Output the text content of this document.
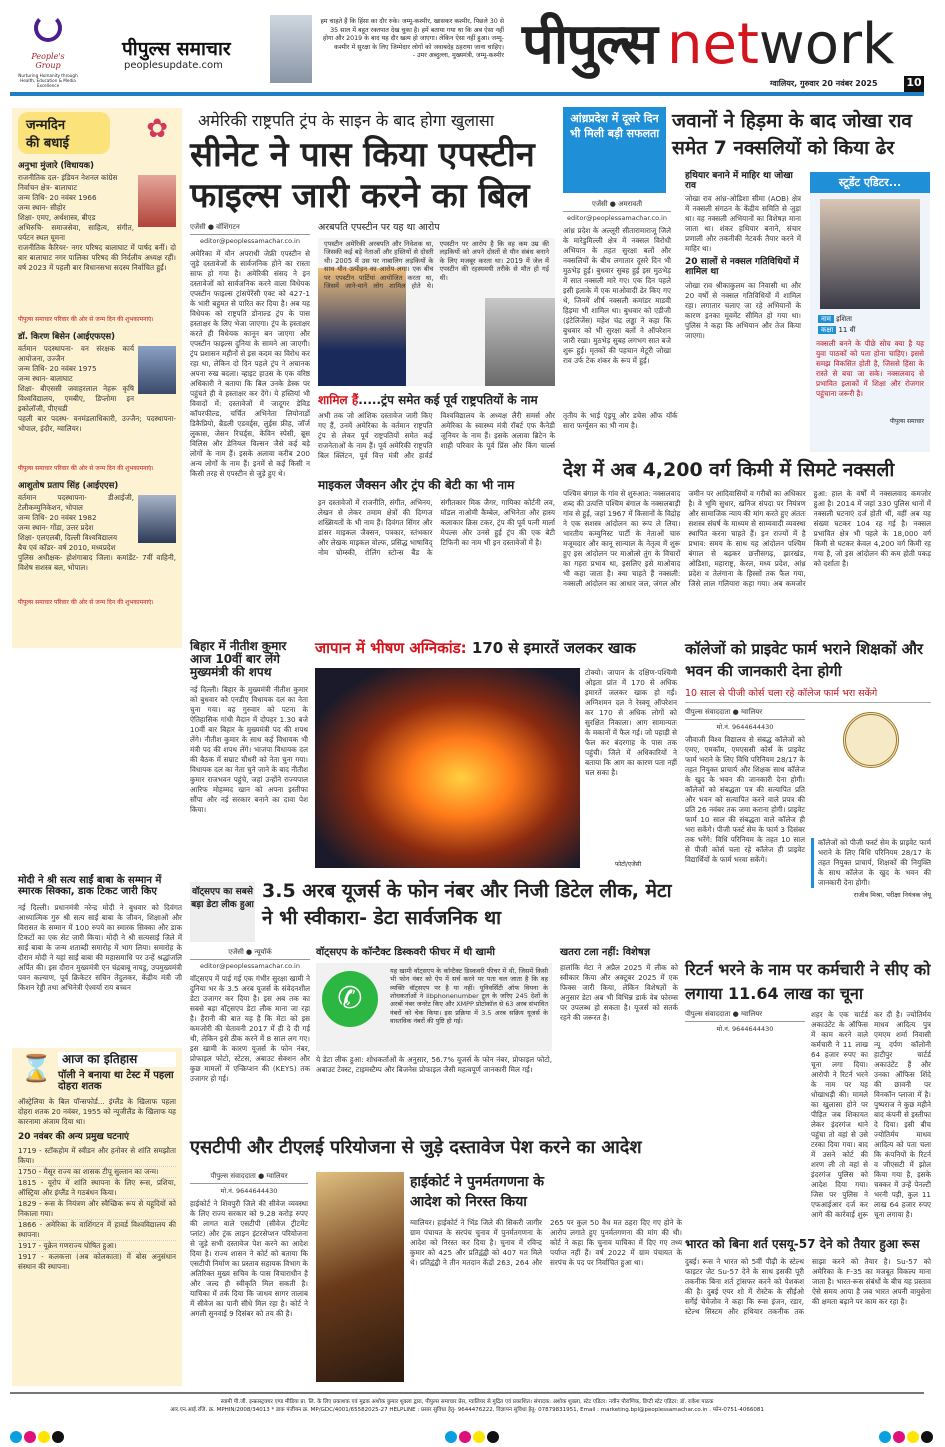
People's Group
Nurturing Humanity through Health, Education & Media Excellence
पीपुल्स समाचार
peoplesupdate.com
हम चाहते हैं कि हिंसा का दौर रुके। जम्मू-कश्मीर, खासकर कश्मीर, पिछले 30 से 35 साल में बहुत रक्तपात देख चुका है। हमें बताया गया था कि अब ऐसा नहीं होगा और 2019 के बाद यह दौर खत्म हो जाएगा। लेकिन ऐसा नहीं हुआ। जम्मू-कश्मीर में सुरक्षा के लिए जिम्मेदार लोगों को जवाबदेह ठहराया जाना चाहिए।
- उमर अब्दुल्ला, मुख्यमंत्री, जम्मू-कश्मीर पीपुल्स network
ग्वालियर, गुरुवार 20 नवंबर 2025	10
जन्मदिन
की बधाई	✿
अनुभा मुंजारे (विधायक)
राजनीतिक दल- इंडियन नेशनल कांग्रेस
निर्वाचन क्षेत्र- बालाघाट
जन्म तिथि- 20 नवंबर 1966
जन्म स्थान- सीहोर
शिक्षा- एमए, अर्थशास्त्र, बीएड
अभिरुचि- समाजसेवा, साहित्य, संगीत, पर्यटन स्थल घूमना
राजनीतिक कैरियर- नगर परिषद बालाघाट में पार्षद बनीं। दो बार बालाघाट नगर पालिका परिषद की निर्दलीय अध्यक्ष रहीं। वर्ष 2023 में पहली बार विधानसभा सदस्य निर्वाचित हुईं।
पीपुल्स समाचार परिवार की ओर से जन्म दिन की शुभकामनाएं।
डॉ. किरण बिसेन (आईएफएस)
वर्तमान पदस्थापना- वन संरक्षक कार्य आयोजना, उज्जैन
जन्म तिथि- 20 नवंबर 1975
जन्म स्थान- बालाघाट
शिक्षा- बीएससी जवाहरलाल नेहरू कृषि विश्वविद्यालय, एमबीए, डिप्लोमा इन इकोलॉजी, पीएचडी
पहली बार पदस्थ- वनमंडलाधिकारी, उज्जैन; पदस्थापना- भोपाल, इंदौर, ग्वालियर।
पीपुल्स समाचार परिवार की ओर से जन्म दिन की शुभकामनाएं।
आशुतोष प्रताप सिंह (आईएएस)
वर्तमान पदस्थापना- डीआईजी, टेलीकम्युनिकेशन, भोपाल
जन्म तिथि- 20 नवंबर 1982
जन्म स्थान- गोंडा, उत्तर प्रदेश
शिक्षा- एलएलबी, दिल्ली विश्वविद्यालय
बैच एवं कॉडर- वर्ष 2010, मध्यप्रदेश
पुलिस अधीक्षक- होशंगाबाद जिला। कमांडेंट- 7वीं वाहिनी, विशेष सशस्त्र बल, भोपाल।
पीपुल्स समाचार परिवार की ओर से जन्म दिन की शुभकामनाएं।
मोदी ने श्री सत्य साईं बाबा के सम्मान में स्मारक सिक्का, डाक टिकट जारी किए
नई दिल्ली। प्रधानमंत्री नरेन्द्र मोदी ने बुधवार को दिवंगत आध्यात्मिक गुरु श्री सत्य साईं बाबा के जीवन, शिक्षाओं और विरासत के सम्मान में 100 रुपये का स्मारक सिक्का और डाक टिकटों का एक सेट जारी किया। मोदी ने श्री सत्यसाईं जिले में साईं बाबा के जन्म शताब्दी समारोह में भाग लिया। समारोह के दौरान मोदी ने यहां साईं बाबा की महासमाधि पर उन्हें श्रद्धांजलि अर्पित की। इस दौरान मुख्यमंत्री एन चंद्रबाबू नायडू, उपमुख्यमंत्री पवन कल्याण, पूर्व क्रिकेटर सचिन तेंदुलकर, केंद्रीय मंत्री जी किशन रेड्डी तथा अभिनेत्री ऐश्वर्या राय बच्चन
⌛ आज का इतिहास
पॉली ने बनाया था टेस्ट में पहला दोहरा शतक
ऑस्ट्रेलिया के बिल पॉन्सफोर्ड... इंग्लैंड के खिलाफ पहला दोहरा शतक 20 नवंबर, 1955 को न्यूजीलैंड के खिलाफ यह कारनामा अंजाम दिया था।
20 नवंबर की अन्य प्रमुख घटनाएं
1719 - स्टॉकहोम में स्वीडन और हनोवर से शांति समझौता किया।
1750 - मैसूर राज्य का शासक टीपू सुल्तान का जन्म।
1815 - यूरोप में शांति स्थापना के लिए रूस, प्रशिया, ऑस्ट्रिया और इंग्लैंड ने गठबंधन किया।
1829 - रूस के नियंत्रण और स्वैच्छिक रूप से यहूदियों को निकाला गया।
1866 - अमेरिका के वाशिंगटन में हावर्ड विश्वविद्यालय की स्थापना।
1917 - यूक्रेन गणराज्य घोषित हुआ।
1917 - कलकत्ता (अब कोलकाता) में बोस अनुसंधान संस्थान की स्थापना।
अमेरिकी राष्ट्रपति ट्रंप के साइन के बाद होगा खुलासा
सीनेट ने पास किया एपस्टीन फाइल्स जारी करने का बिल
एजेंसी ● वॉशिंगटन
editor@peoplessamachar.co.in
अमेरिका में यौन अपराधी जेफ्री एपस्टीन से जुड़े दस्तावेजों के सार्वजनिक होने का रास्ता साफ हो गया है। अमेरिकी संसद ने इन दस्तावेजों को सार्वजनिक करने वाला विधेयक एपस्टीन फाइल्स ट्रांसपेरेंसी एक्ट को 427-1 के भारी बहुमत से पारित कर दिया है। अब यह विधेयक को राष्ट्रपति डोनाल्ड ट्रंप के पास हस्ताक्षर के लिए भेजा जाएगा। ट्रंप के हस्ताक्षर करते ही विधेयक कानून बन जाएगा और एपस्टीन फाइल्स दुनिया के सामने आ जाएगी। ट्रंप प्रशासन महीनों से इस कदम का विरोध कर रहा था, लेकिन दो दिन पहले ट्रंप ने अचानक अपना रुख बदला। व्हाइट हाउस के एक वरिष्ठ अधिकारी ने बताया कि बिल उनके डेस्क पर पहुंचते ही वे हस्ताक्षर कर देंगे। ये हस्तियां भी विवादों में: दस्तावेजों में जादूगर डेविड कॉपरफील्ड, चर्चित अभिनेता लियोनार्डो डिकैप्रियो, ब्रैडली एडवर्ड्स, लुईस फ्रीह, जॉर्ज लुकास, जेसन रिचर्ड्स, केविन स्पेसी, ब्रूस विलिस और डेनियल विल्सन जैसे कई बड़े लोगों के नाम हैं। इसके अलावा करीब 200 अन्य लोगों के नाम हैं। इनमें से कई किसी न किसी तरह से एपस्टीन से जुड़े हुए थे।
अरबपति एपस्टीन पर यह था आरोप
एपस्टीन अमेरिकी अरबपति और निवेशक था, जिसकी कई बड़े नेताओं और हस्तियों से दोस्ती थी। 2005 में उस पर नाबालिग लड़कियों के साथ यौन उत्पीड़न का आरोप लगा। एक बीच पर एपस्टीन पार्टियां आयोजित करता था, जिसमें जाने-माने लोग शामिल होते थे। एपस्टीन पर आरोप है कि वह कम उम्र की लड़कियों को अपने दोस्तों से यौन संबंध बनाने के लिए मजबूर करता था। 2019 में जेल में एपस्टीन की रहस्यमयी तरीके से मौत हो गई थी।
शामिल हैं.....ट्रंप समेत कई पूर्व राष्ट्रपतियों के नाम
अभी तक जो आंशिक दस्तावेज जारी किए गए हैं, उनमें अमेरिका के वर्तमान राष्ट्रपति ट्रंप से लेकर पूर्व राष्ट्रपतियों समेत कई राजनेताओं के नाम हैं। पूर्व अमेरिकी राष्ट्रपति बिल क्लिंटन, पूर्व वित्त मंत्री और हार्वर्ड विश्वविद्यालय के अध्यक्ष लैरी समर्स और अमेरिका के स्वास्थ्य मंत्री रॉबर्ट एफ कैनेडी जूनियर के नाम हैं। इसके अलावा ब्रिटेन के शाही परिवार के पूर्व प्रिंस और किंग चार्ल्स तृतीय के भाई एंड्रयू और डचेस ऑफ यॉर्क सारा फर्ग्यूसन का भी नाम है।
माइकल जैक्सन और ट्रंप की बेटी का भी नाम
इन दस्तावेजों में राजनीति, संगीत, अभिनय, लेखन से लेकर तमाम क्षेत्रों की दिग्गज शख्सियतों के भी नाम हैं। दिवंगत सिंगर और डांसर माइकल जैक्सन, पत्रकार, स्तंभकार और लेखक माइकल वोल्फ, प्रसिद्ध भाषाविद् नोम चोम्स्की, रोलिंग स्टोन्स बैंड के संगीतकार मिक जैगर, गायिका कोर्टनी लव, मॉडल नाओमी कैम्बेल, अभिनेता और हास्य कलाकार क्रिस टकर, ट्रंप की पूर्व पत्नी मार्ला मेपल्स और उनसे हुई ट्रंप की एक बेटी टिफिनी का नाम भी इन दस्तावेजों में है।
आंध्रप्रदेश में दूसरे दिन भी मिली बड़ी सफलता
जवानों ने हिड़मा के बाद जोखा राव समेत 7 नक्सलियों को किया ढेर
एजेंसी ● अमरावती
editor@peoplessamachar.co.in
आंध्र प्रदेश के अल्लूरी सीतारामाराजू जिले के मारेडुमिल्ली क्षेत्र में नक्सल विरोधी अभियान के तहत सुरक्षा बलों और नक्सलियों के बीच लगातार दूसरे दिन भी मुठभेड़ हुई। बुधवार सुबह हुई इस मुठभेड़ में सात नक्सली मारे गए। एक दिन पहले इसी इलाके में एक माओवादी ढेर किए गए थे, जिनमें शीर्ष नक्सली कमांडर माडवी हिड़मा भी शामिल था। बुधवार को एडीजी (इंटेलिजेंस) महेश चंद्र लड्ढा ने कहा कि बुधवार को भी सुरक्षा बलों ने ऑपरेशन जारी रखा। मुठभेड़ सुबह लगभग सात बजे शुरू हुई। मृतकों की पहचान मेटूरी जोखा राव उर्फ टेक शंकर के रूप में हुई।
हथियार बनाने में माहिर था जोखा राव
जोखा राव आंध्र-ओडिशा सीमा (AOB) क्षेत्र में नक्सली संगठन के केंद्रीय समिति से जुड़ा था। वह नक्सली अभियानों का विशेषज्ञ माना जाता था। शंकर हथियार बनाने, संचार प्रणाली और तकनीकी नेटवर्क तैयार करने में माहिर था।
20 सालों से नक्सल गतिविधियों में शामिल था
जोखा राव श्रीकाकुलम का निवासी था और 20 वर्षों से नक्सल गतिविधियों में शामिल रहा। लगातार चलाए जा रहे अभियानों के कारण इनका मूवमेंट सीमित हो गया था। पुलिस ने कहा कि अभियान और तेज किया जाएगा।
स्टूडेंट एडिटर...
नाम इशिता
कक्षा 11 वीं
नक्सली बनने के पीछे सोच क्या है यह युवा पाठकों को पता होना चाहिए। इससे समझ विकसित होती है, जिससे हिंसा के रास्ते से बचा जा सके। नक्सलवाद से प्रभावित इलाकों में शिक्षा और रोजगार पहुंचाना जरूरी है।
पीपुल्स समाचार
देश में अब 4,200 वर्ग किमी में सिमटे नक्सली
पश्चिम बंगाल के गांव से शुरुआत: नक्सलवाद शब्द की उत्पत्ति पश्चिम बंगाल के नक्सलबाड़ी गांव से हुई, जहां 1967 में किसानों के विद्रोह ने एक सशस्त्र आंदोलन का रूप ले लिया। भारतीय कम्युनिस्ट पार्टी के नेताओं चारु मजूमदार और कानू सान्याल के नेतृत्व में शुरू हुए इस आंदोलन पर माओत्से तुंग के विचारों का गहरा प्रभाव था, इसलिए इसे माओवाद भी कहा जाता है। क्या चाहते हैं नक्सली: नक्सली आंदोलन का आधार जल, जंगल और जमीन पर आदिवासियों व गरीबों का अधिकार है। वे भूमि सुधार, खनिज संपदा पर नियंत्रण और सामाजिक न्याय की मांग करते हुए अंततः सशस्त्र संघर्ष के माध्यम से साम्यवादी व्यवस्था स्थापित करना चाहते हैं। इन राज्यों में है प्रभाव: समय के साथ यह आंदोलन पश्चिम बंगाल से बढ़कर छत्तीसगढ़, झारखंड, ओडिशा, महाराष्ट्र, केरल, मध्य प्रदेश, आंध्र प्रदेश व तेलंगाना के हिस्सों तक फैल गया, जिसे लाल गलियारा कहा गया। अब कमजोर हुआ: हाल के वर्षों में नक्सलवाद कमजोर हुआ है। 2014 में जहां 330 पुलिस थानों में नक्सली घटनाएं दर्ज होती थीं, वहीं अब यह संख्या घटकर 104 रह गई है। नक्सल प्रभावित क्षेत्र भी पहले के 18,000 वर्ग किमी से घटकर केवल 4,200 वर्ग किमी रह गया है, जो इस आंदोलन की कम होती पकड़ को दर्शाता है।
बिहार में नीतीश कुमार आज 10वीं बार लेंगे मुख्यमंत्री की शपथ
नई दिल्ली। बिहार के मुख्यमंत्री नीतीश कुमार को बुधवार को एनडीए विधायक दल का नेता चुना गया। वह गुरुवार को पटना के ऐतिहासिक गांधी मैदान में दोपहर 1.30 बजे 10वीं बार बिहार के मुख्यमंत्री पद की शपथ लेंगे। नीतीश कुमार के साथ कई विधायक भी मंत्री पद की शपथ लेंगे। भाजपा विधायक दल की बैठक में सम्राट चौधरी को नेता चुना गया। विधायक दल का नेता चुने जाने के बाद नीतीश कुमार राजभवन पहुंचे, जहां उन्होंने राज्यपाल आरिफ मोहम्मद खान को अपना इस्तीफा सौंपा और नई सरकार बनाने का दावा पेश किया।
जापान में भीषण अग्निकांड: 170 से इमारतें जलकर खाक
टोक्यो। जापान के दक्षिण-पश्चिमी ओइता प्रांत में 170 से अधिक इमारतें जलकर खाक हो गईं। अग्निशमन दल ने रेस्क्यू ऑपरेशन कर 170 से अधिक लोगों को सुरक्षित निकाला। आग सामान्यतः के मकानों में फैल गई। जो पहाड़ी से फैल कर बंदरगाह के पास तक पहुंची। जिले में अधिकारियों ने बताया कि आग का कारण पता नहीं चल सका है।
फोटो/एजेंसी
कॉलेजों को प्राइवेट फार्म भराने शिक्षकों और भवन की जानकारी देना होगी
10 साल से पीजी कोर्स चला रहे कॉलेज फार्म भरा सकेंगे
पीपुल्स संवाददाता ● ग्वालियर
मो.नं. 9644644430
जीवाजी विश्व विद्यालय से संबद्ध कॉलेजों को एमए, एमकॉम, एमएससी कोर्स के प्राइवेट फार्म भराने के लिए विधि परिनियम 28/17 के तहत नियुक्त प्राचार्य और शिक्षक साथ कॉलेज के खुद के भवन की जानकारी देना होगी। कॉलेजों को संबद्धता पत्र की सत्यापित प्रति और भवन को सत्यापित करने वाले प्रपत्र की प्रति 26 नवंबर तक जमा कराना होगी। प्राइवेट फार्म 10 साल की संबद्धता वाले कॉलेज ही भरा सकेंगे। पीजी फर्स्ट सेम के फार्म 3 दिसंबर तक भरेंगे: विधि परिनियम के तहत 10 साल से पीजी कोर्स चला रहे कॉलेज ही प्राइवेट विद्यार्थियों के फार्म भरवा सकेंगे।
कॉलेजों को पीजी फर्स्ट सेम के प्राइवेट फार्म भराने के लिए विधि परिनियम 28/17 के तहत नियुक्त प्राचार्य, शिक्षकों की नियुक्ति के साथ कॉलेज के खुद के भवन की जानकारी देना होगी।
राजीव मिश्रा, परीक्षा नियंत्रक जेयू
वॉट्सएप का सबसे बड़ा डेटा लीक हुआ
3.5 अरब यूजर्स के फोन नंबर और निजी डिटेल लीक, मेटा ने भी स्वीकारा- डेटा सार्वजनिक था
एजेंसी ● न्यूयॉर्क
editor@peoplessamachar.co.in
वॉट्सएप में पाई गई एक गंभीर सुरक्षा खामी ने दुनिया भर के 3.5 अरब यूजर्स के संवेदनशील डेटा उजागर कर दिया है। इस अब तक का सबसे बड़ा वॉट्सएप डेटा लीक माना जा रहा है। हैरानी की बात यह है कि मेटा को इस कमजोरी की चेतावनी 2017 में ही दे दी गई थी, लेकिन इसे ठीक करने में 8 साल लग गए। इस खामी के कारण यूजर्स के फोन नंबर, प्रोफाइल फोटो, स्टेटस, अबाउट सेक्शन और कुछ मामलों में एन्क्रिप्शन की (KEYS) तक उजागर हो गई।
वॉट्सएप के कॉन्टैक्ट डिस्कवरी फीचर में थी खामी
✆
यह खामी वॉट्सएप के कॉन्टैक्ट डिस्कवरी फीचर में थी, जिसमें किसी भी फोन नंबर को ऐप में सर्च करने पर पता चल जाता है कि वह व्यक्ति वॉट्सएप पर है या नहीं। यूनिवर्सिटी ऑफ वियना के शोधकर्ताओं ने libphonenumber टूल के जरिए 245 देशों के अरबों नंबर जनरेट किए और XMPP प्रोटोकॉल से 63 अरब संभावित नंबरों को चेक किया। इस प्रक्रिया में 3.5 अरब सक्रिय यूजर्स के वास्तविक नंबरों की पुष्टि हो गई।
ये डेटा लीक हुआ: शोधकर्ताओं के अनुसार, 56.7% यूजर्स के फोन नंबर, प्रोफाइल फोटो, अबाउट टेक्स्ट, टाइमस्टैम्प और बिजनेस प्रोफाइल जैसी महत्वपूर्ण जानकारी मिल गई।
खतरा टला नहीं: विशेषज्ञ
हालांकि मेटा ने अप्रैल 2025 में लीक को स्वीकार किया और अक्टूबर 2025 में एक फिक्स जारी किया, लेकिन विशेषज्ञों के अनुसार डेटा अब भी विभिन्न डार्क वेब फोरम्स पर उपलब्ध हो सकता है। यूजर्स को सतर्क रहने की जरूरत है।
रिटर्न भरने के नाम पर कर्मचारी ने सीए को लगाया 11.64 लाख का चूना
पीपुल्स संवाददाता ● ग्वालियर
मो.नं. 9644644430
शहर के एक चार्टर्ड अकाउंटेंट के ऑफिस में काम करने वाले कर्मचारी ने 11 लाख 64 हजार रुपए का चूना लगा दिया। आरोपी ने रिटर्न भरने के नाम पर यह धोखाधड़ी की। मामले का खुलासा होने पर पीड़ित जब शिकायत लेकर इंदरगंज थाने पहुंचा तो वहां से उसे टरका दिया गया। बाद में उसने कोर्ट की शरण ली तो वहां से इंदरगंज पुलिस को आदेश दिया गया। जिस पर पुलिस ने एफआईआर दर्ज कर आगे की कार्रवाई शुरू कर दी है। ज्योतिर्मय माधव आदित्य पुत्र एमएम शर्मा निवासी न्यू दर्पण कॉलोनी हाटीपुर चार्टर्ड अकाउंटेंट हैं और उनका ऑफिस शिंदे की छावनी पर विनकॉन प्लाजा में है। पुष्पराज ने कुछ महीने बाद कंपनी से इस्तीफा दे दिया। इसी बीच ज्योतिर्मय माधव आदित्य को पता चला कि कंपनियों के रिटर्न व जीएसटी में झोल किया गया है, इसके चक्कर में उन्हें पेनल्टी भरनी पड़ी, कुल 11 लाख 64 हजार रुपए चूना लगाया है।
एसटीपी और टीएलई परियोजना से जुड़े दस्तावेज पेश करने का आदेश
पीपुल्स संवाददाता ● ग्वालियर
मो.नं. 9644644430
हाईकोर्ट ने शिवपुरी जिले की सीवेज व्यवस्था के लिए राज्य सरकार को 9.28 करोड़ रुपए की लागत वाले एसटीपी (सीवेज ट्रीटमेंट प्लांट) और ट्रंक लाइन इंटरसेप्शन परियोजना से जुड़े सभी दस्तावेज पेश करने का आदेश दिया है। राज्य शासन ने कोर्ट को बताया कि एसटीपी निर्माण का प्रस्ताव सहायक विभाग के अतिरिक्त मुख्य सचिव के पास विचाराधीन है और जल्द ही स्वीकृति मिल सकती है। याचिका में तर्क दिया कि जाधव सागर तालाब में सीवेज का पानी सीधे मिल रहा है। कोर्ट ने अगली सुनवाई 9 दिसंबर को तय की है।
हाईकोर्ट ने पुनर्मतगणना के आदेश को निरस्त किया
ग्वालियर। हाईकोर्ट ने भिंड जिले की सिकरी जागीर ग्राम पंचायत के सरपंच चुनाव में पुनर्मतगणना के आदेश को निरस्त कर दिया है। चुनाव में रविन्द्र कुमार को 425 और प्रतिद्वंद्वी को 407 मत मिले थे। प्रतिद्वंद्वी ने तीन मतदान केंद्रों 263, 264 और 265 पर कुल 50 वैध मत ठहरा दिए गए होने के आरोप लगाते हुए पुनर्मतगणना की मांग की थी। कोर्ट ने कहा कि चुनाव याचिका में दिए गए तथ्य पर्याप्त नहीं हैं। वर्ष 2022 में ग्राम पंचायत के सरपंच के पद पर निर्वाचित हुआ था।
भारत को बिना शर्त एसयू-57 देने को तैयार हुआ रूस
दुबई। रूस ने भारत को 5वीं पीढ़ी के स्टेल्थ फाइटर जेट Su-57 देने के साथ इसकी पूरी तकनीक बिना शर्त ट्रांसफर करने को पेशकश की है। दुबई एयर शो में रोस्टेक के सीईओ सर्गेई चेमेजोव ने कहा कि रूस इंजन, रडार, स्टेल्थ सिस्टम और हथियार तकनीक तक साझा करने को तैयार है। Su-57 को अमेरिका के F-35 का मजबूत विकल्प माना जाता है। भारत-रूस संबंधों के बीच यह प्रस्ताव ऐसे समय आया है जब भारत अपनी वायुसेना की क्षमता बढ़ाने पर काम कर रहा है।
स्वामी पी.जी. इन्फ्रास्ट्रक्चर एण्ड मीडिया प्रा. लि. के लिए प्रकाशक एवं मुद्रक अशोक कुमार शुक्ला द्वारा, पीपुल्स समाचार प्रेस, ग्वालियर से मुद्रित एवं प्रकाशित। संपादक: अशोक शुक्ला, स्टेट एडिटर: नवीन पौराणिक, डिप्टी स्टेट एडिटर: डॉ. राकेश पाठक
आर.एन.आई.रजि. क्र. MPHIN/2008/34013 * डाक पंजीयन क्र. MP/GDC/4001/65582025-27 HELPLINE : प्रसार सुविधा हेतु- 9644476222, विज्ञापन सुविधा हेतु- 07879831951, Email : marketing.bpl@peoplessamachar.co.in . फोन-0751-4066081
